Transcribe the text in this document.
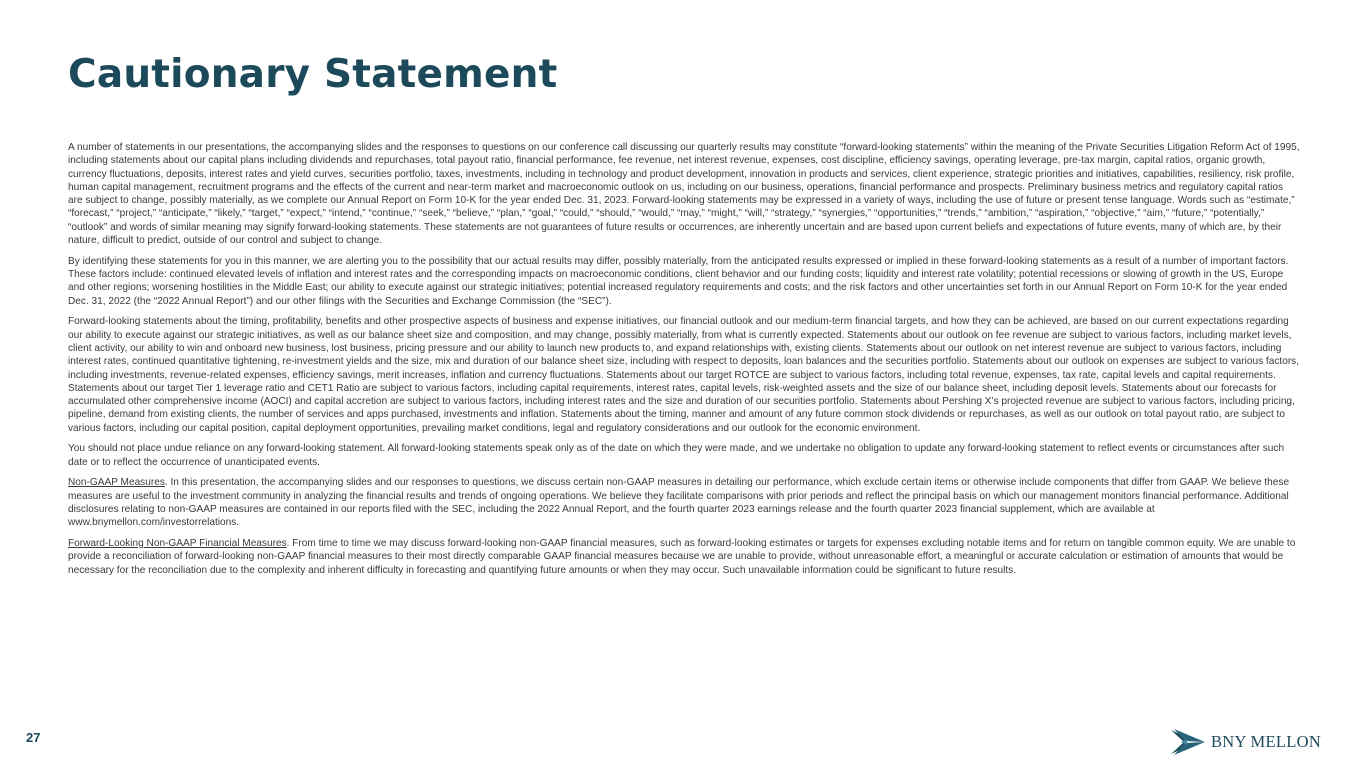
Cautionary Statement

A number of statements in our presentations, the accompanying slides and the responses to questions on our conference call discussing our quarterly results may constitute “forward-looking statements” within the meaning of the Private Securities Litigation Reform Act of 1995, including statements about our capital plans including dividends and repurchases, total payout ratio, financial performance, fee revenue, net interest revenue, expenses, cost discipline, efficiency savings, operating leverage, pre-tax margin, capital ratios, organic growth, currency fluctuations, deposits, interest rates and yield curves, securities portfolio, taxes, investments, including in technology and product development, innovation in products and services, client experience, strategic priorities and initiatives, capabilities, resiliency, risk profile, human capital management, recruitment programs and the effects of the current and near-term market and macroeconomic outlook on us, including on our business, operations, financial performance and prospects. Preliminary business metrics and regulatory capital ratios are subject to change, possibly materially, as we complete our Annual Report on Form 10-K for the year ended Dec. 31, 2023. Forward-looking statements may be expressed in a variety of ways, including the use of future or present tense language. Words such as “estimate,” “forecast,” “project,” “anticipate,” “likely,” “target,” “expect,” “intend,” “continue,” “seek,” “believe,” “plan,” “goal,” “could,” “should,” “would,” “may,” “might,” “will,” “strategy,” “synergies,” “opportunities,” “trends,” “ambition,” “aspiration,” “objective,” “aim,” “future,” “potentially,” “outlook” and words of similar meaning may signify forward-looking statements. These statements are not guarantees of future results or occurrences, are inherently uncertain and are based upon current beliefs and expectations of future events, many of which are, by their nature, difficult to predict, outside of our control and subject to change.

By identifying these statements for you in this manner, we are alerting you to the possibility that our actual results may differ, possibly materially, from the anticipated results expressed or implied in these forward-looking statements as a result of a number of important factors. These factors include: continued elevated levels of inflation and interest rates and the corresponding impacts on macroeconomic conditions, client behavior and our funding costs; liquidity and interest rate volatility; potential recessions or slowing of growth in the US, Europe and other regions; worsening hostilities in the Middle East; our ability to execute against our strategic initiatives; potential increased regulatory requirements and costs; and the risk factors and other uncertainties set forth in our Annual Report on Form 10-K for the year ended Dec. 31, 2022 (the “2022 Annual Report”) and our other filings with the Securities and Exchange Commission (the “SEC”).

Forward-looking statements about the timing, profitability, benefits and other prospective aspects of business and expense initiatives, our financial outlook and our medium-term financial targets, and how they can be achieved, are based on our current expectations regarding our ability to execute against our strategic initiatives, as well as our balance sheet size and composition, and may change, possibly materially, from what is currently expected. Statements about our outlook on fee revenue are subject to various factors, including market levels, client activity, our ability to win and onboard new business, lost business, pricing pressure and our ability to launch new products to, and expand relationships with, existing clients. Statements about our outlook on net interest revenue are subject to various factors, including interest rates, continued quantitative tightening, re-investment yields and the size, mix and duration of our balance sheet size, including with respect to deposits, loan balances and the securities portfolio. Statements about our outlook on expenses are subject to various factors, including investments, revenue-related expenses, efficiency savings, merit increases, inflation and currency fluctuations. Statements about our target ROTCE are subject to various factors, including total revenue, expenses, tax rate, capital levels and capital requirements. Statements about our target Tier 1 leverage ratio and CET1 Ratio are subject to various factors, including capital requirements, interest rates, capital levels, risk-weighted assets and the size of our balance sheet, including deposit levels. Statements about our forecasts for accumulated other comprehensive income (AOCI) and capital accretion are subject to various factors, including interest rates and the size and duration of our securities portfolio. Statements about Pershing X’s projected revenue are subject to various factors, including pricing, pipeline, demand from existing clients, the number of services and apps purchased, investments and inflation. Statements about the timing, manner and amount of any future common stock dividends or repurchases, as well as our outlook on total payout ratio, are subject to various factors, including our capital position, capital deployment opportunities, prevailing market conditions, legal and regulatory considerations and our outlook for the economic environment.

You should not place undue reliance on any forward-looking statement. All forward-looking statements speak only as of the date on which they were made, and we undertake no obligation to update any forward-looking statement to reflect events or circumstances after such date or to reflect the occurrence of unanticipated events.

Non-GAAP Measures. In this presentation, the accompanying slides and our responses to questions, we discuss certain non-GAAP measures in detailing our performance, which exclude certain items or otherwise include components that differ from GAAP. We believe these measures are useful to the investment community in analyzing the financial results and trends of ongoing operations. We believe they facilitate comparisons with prior periods and reflect the principal basis on which our management monitors financial performance. Additional disclosures relating to non-GAAP measures are contained in our reports filed with the SEC, including the 2022 Annual Report, and the fourth quarter 2023 earnings release and the fourth quarter 2023 financial supplement, which are available at www.bnymellon.com/investorrelations.

Forward-Looking Non-GAAP Financial Measures. From time to time we may discuss forward-looking non-GAAP financial measures, such as forward-looking estimates or targets for expenses excluding notable items and for return on tangible common equity. We are unable to provide a reconciliation of forward-looking non-GAAP financial measures to their most directly comparable GAAP financial measures because we are unable to provide, without unreasonable effort, a meaningful or accurate calculation or estimation of amounts that would be necessary for the reconciliation due to the complexity and inherent difficulty in forecasting and quantifying future amounts or when they may occur. Such unavailable information could be significant to future results.

27	BNY MELLON
